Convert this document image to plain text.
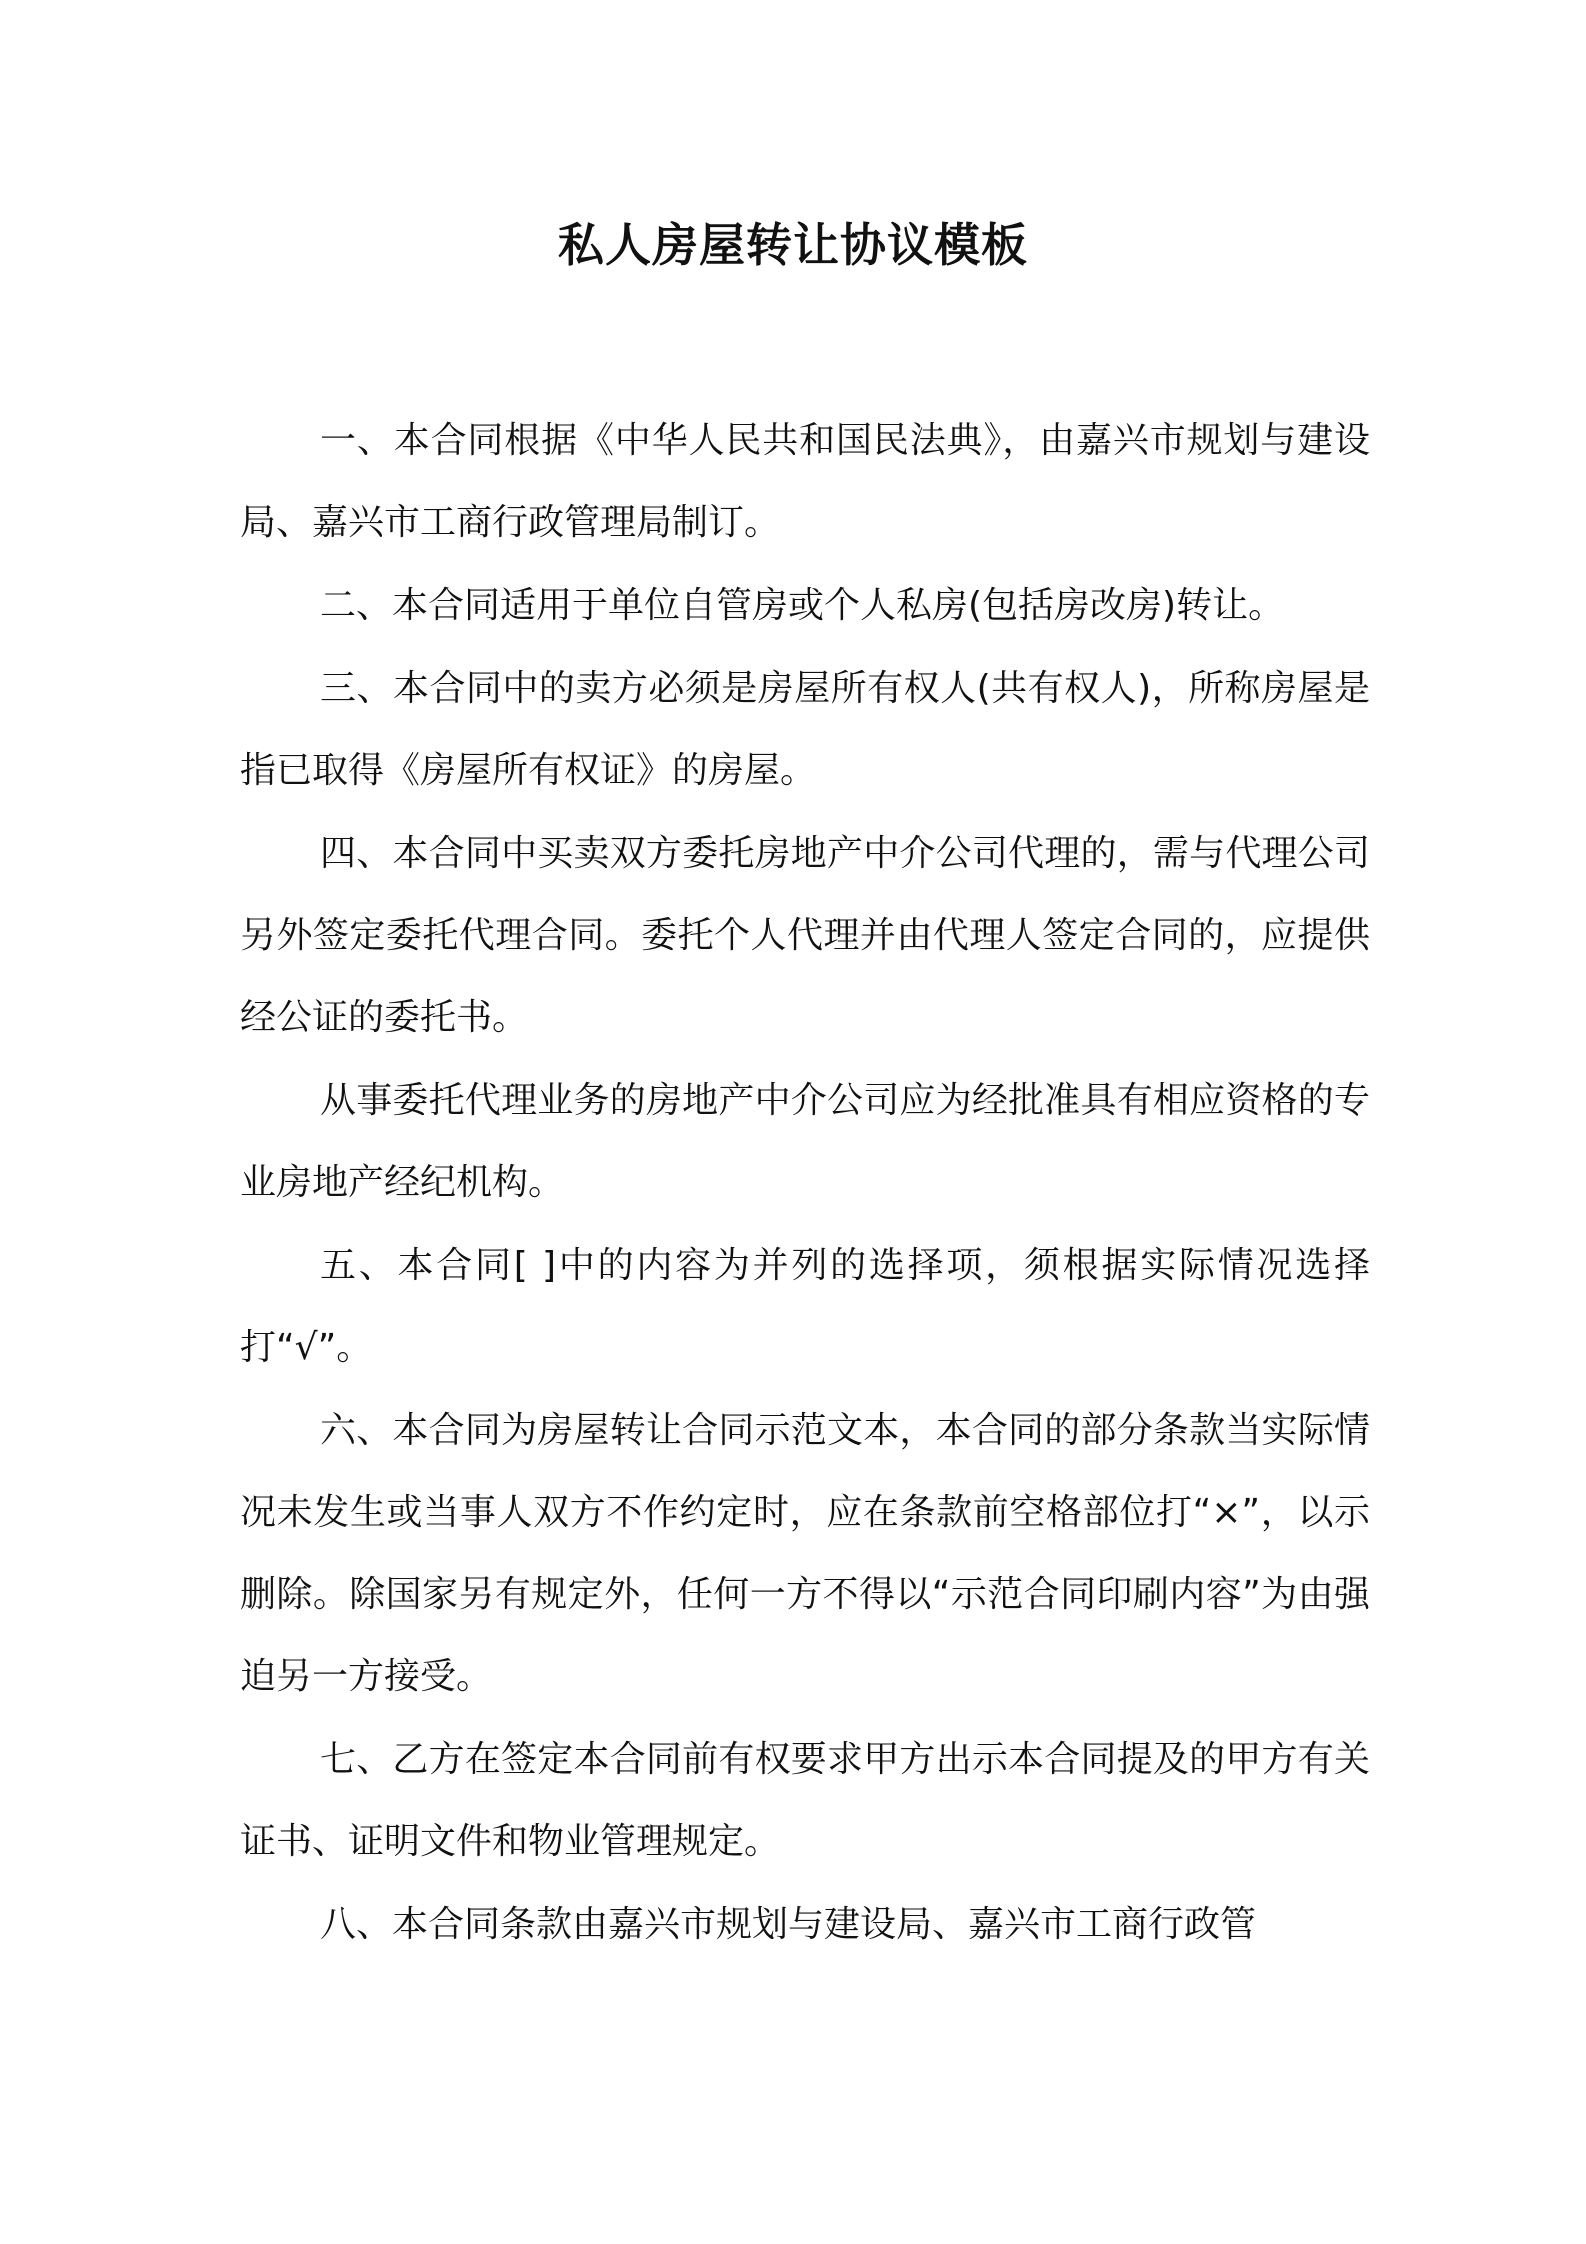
私人房屋转让协议模板

一、本合同根据《中华人民共和国民法典》，由嘉兴市规划与建设局、嘉兴市工商行政管理局制订。

二、本合同适用于单位自管房或个人私房(包括房改房)转让。

三、本合同中的卖方必须是房屋所有权人(共有权人)，所称房屋是指已取得《房屋所有权证》的房屋。

四、本合同中买卖双方委托房地产中介公司代理的，需与代理公司另外签定委托代理合同。委托个人代理并由代理人签定合同的，应提供经公证的委托书。

从事委托代理业务的房地产中介公司应为经批准具有相应资格的专业房地产经纪机构。

五、本合同[ ]中的内容为并列的选择项，须根据实际情况选择打“√”。

六、本合同为房屋转让合同示范文本，本合同的部分条款当实际情况未发生或当事人双方不作约定时，应在条款前空格部位打“×”，以示删除。除国家另有规定外，任何一方不得以“示范合同印刷内容”为由强迫另一方接受。

七、乙方在签定本合同前有权要求甲方出示本合同提及的甲方有关证书、证明文件和物业管理规定。

八、本合同条款由嘉兴市规划与建设局、嘉兴市工商行政管
